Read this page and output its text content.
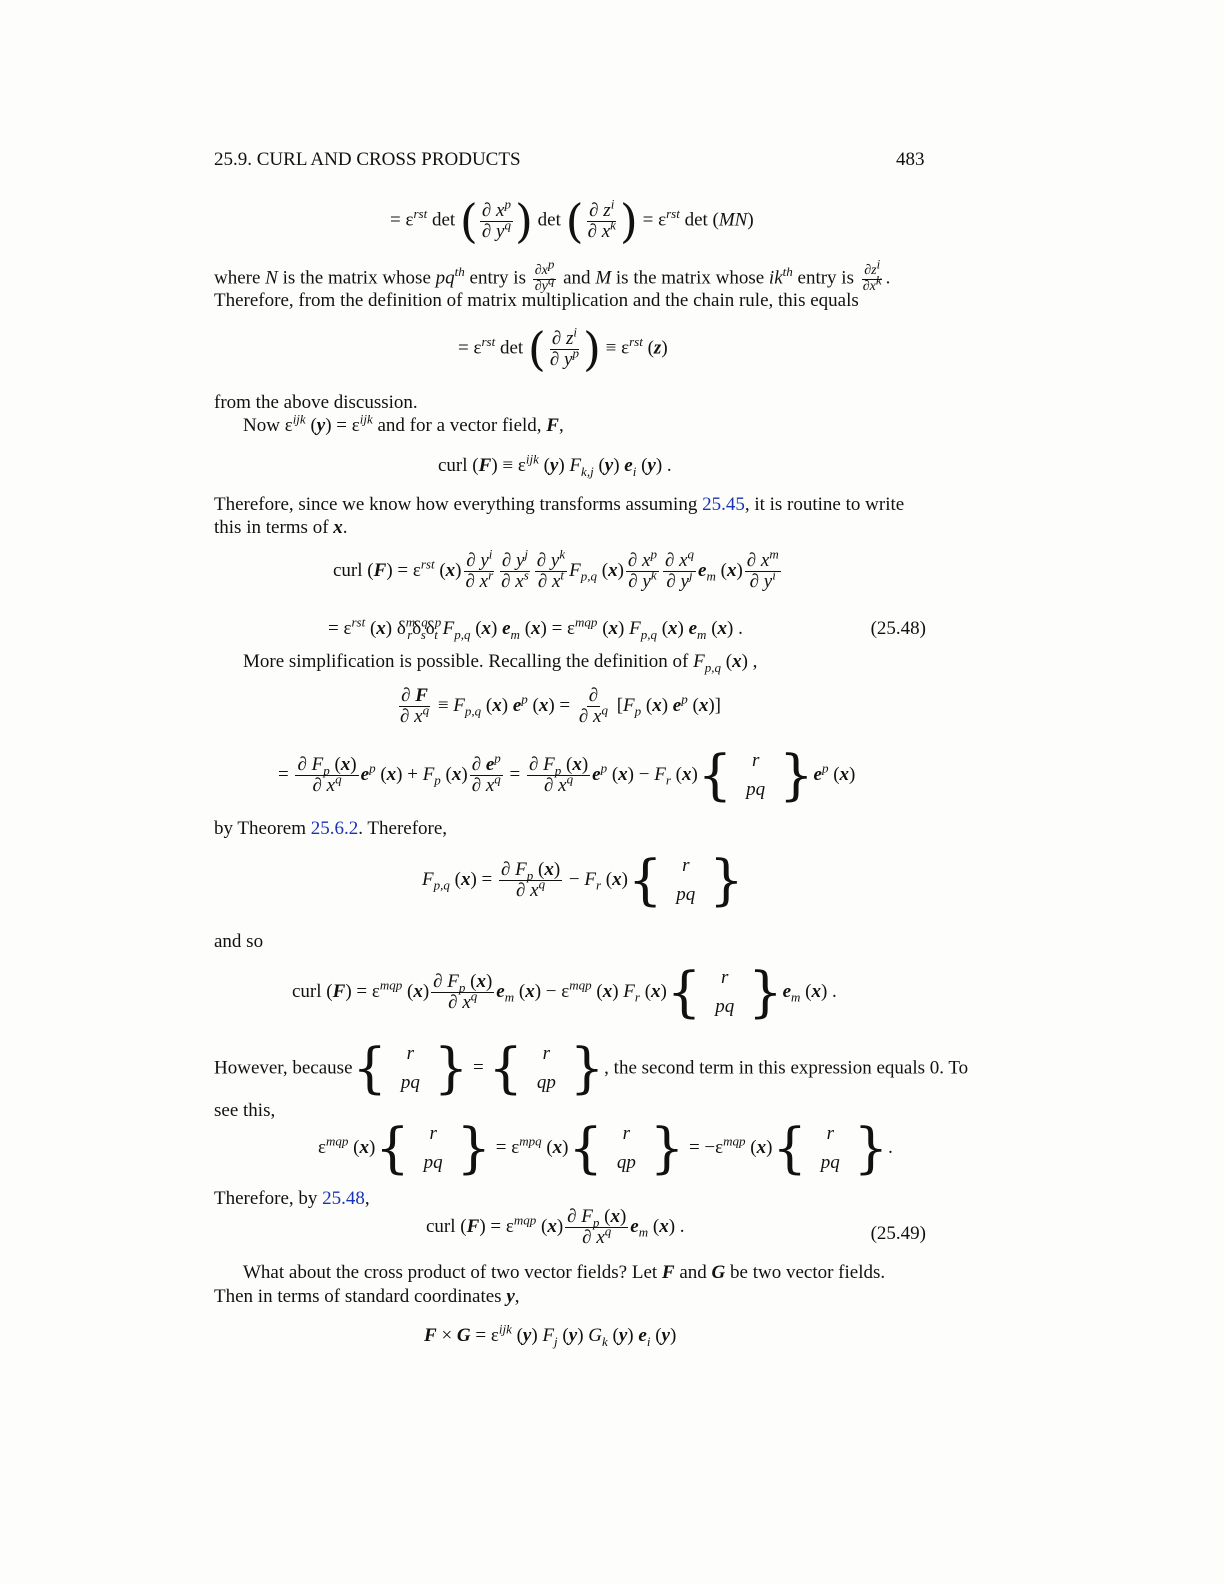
25.9. CURL AND CROSS PRODUCTS	483
= $\varepsilon^{rst}$ det ( $\frac{\partial x^p}{\partial y^q}$ ) det ( $\frac{\partial z^i}{\partial x^k}$ ) = $\varepsilon^{rst}$ det (MN)
where N is the matrix whose $pq^{th}$ entry is $\frac{\partial x^p}{\partial y^q}$ and M is the matrix whose $ik^{th}$ entry is $\frac{\partial z^i}{\partial x^k}$ .
Therefore, from the definition of matrix multiplication and the chain rule, this equals
= $\varepsilon^{rst}$ det ( $\frac{\partial z^i}{\partial y^p}$ ) ≡ $\varepsilon^{rst}$ (z)
from the above discussion.
Now $\varepsilon^{ijk}$ $(y) = \varepsilon^{ijk}$ and for a vector field, F,
curl $(F) \equiv \varepsilon^{ijk}$ (y) $F_{k,j}$ (y) $e_i$ (y) .
Therefore, since we know how everything transforms assuming 25.45, it is routine to write
this in terms of x.
curl $(F) = \varepsilon^{rst}$ $(x) \frac{\partial y^i}{\partial x^r} \frac{\partial y^j}{\partial x^s} \frac{\partial y^k}{\partial x^t} F_{p,q}$ $(x) \frac{\partial x^p}{\partial y^k} \frac{\partial x^q}{\partial y^j} e_m$ $(x) \frac{\partial x^m}{\partial y^i}$
= $\varepsilon^{rst}$ (x) $\delta^m_r\delta^q_s\delta^p_t$ $F_{p,q}$ (x) $e_m$ $(x) = \varepsilon^{mqp}$ (x) $F_{p,q}$ (x) $e_m$ (x) .	(25.48)
More simplification is possible. Recalling the definition of $F_{p,q}$ (x) ,
$\frac{\partial F}{\partial x^q} \equiv F_{p,q}$ (x) $e^p$ $(x) = \frac{\partial}{\partial x^q} [F_p$ (x) $e^p$ (x)]
= $\frac{\partial F_p (x)}{\partial x^q} e^p$ $(x) + F_p$ $(x) \frac{\partial e^p}{\partial x^q} = \frac{\partial F_p (x)}{\partial x^q} e^p$ $(x) - F_r$ (x){ r
pq }$e^p$ (x)
by Theorem 25.6.2. Therefore,
$F_{p,q}$ $(x) = \frac{\partial F_p (x)}{\partial x^q} - F_r$ (x){ r
pq }
and so
curl $(F) = \varepsilon^{mqp}$ $(x) \frac{\partial F_p (x)}{\partial x^q} e_m$ $(x) - \varepsilon^{mqp}$ (x) $F_r$ (x){ r
pq }$e_m$ (x) .
However, because{ r
pq } = { r
qp }, the second term in this expression equals 0. To
see this,
$\varepsilon^{mqp}$ (x){ r
pq } = $\varepsilon^{mpq}$ (x){ r
qp } = $-\varepsilon^{mqp}$ (x){ r
pq }.
Therefore, by 25.48,
curl $(F) = \varepsilon^{mqp}$ $(x) \frac{\partial F_p (x)}{\partial x^q} e_m$ (x) .	(25.49)
What about the cross product of two vector fields? Let F and G be two vector fields.
Then in terms of standard coordinates y,
$F \times G = \varepsilon^{ijk}$ (y) $F_j$ (y) $G_k$ (y) $e_i$ (y)
